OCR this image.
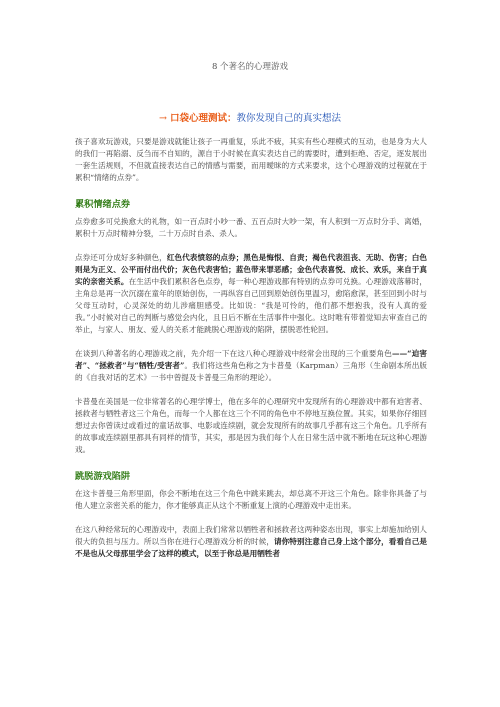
8 个著名的心理游戏

→ 口袋心理测试：教你发现自己的真实想法

孩子喜欢玩游戏，只要是游戏就能让孩子一再重复，乐此不疲，其实有些心理模式的互动，也是身为大人的我们一再陷溺、反刍而不自知的，源自于小时候在真实表达自己的需要时，遭到拒绝、否定，逐发展出一套生活规则，不但就直接表达自己的情感与需要，而用曖昧的方式来要求，这个心理游戏的过程就在于累积“情绪的点券”。

累积情绪点券

点券愈多可兑换愈大的礼物，如一百点时小吵一番、五百点时大吵一架，有人积到一万点时分手、离婚，累积十万点时精神分裂，二十万点时自杀、杀人。

点券还可分成好多种颜色，红色代表愤怒的点券；黑色是悔恨、自责；褐色代表沮丧、无助、伤害；白色则是为正义、公平而付出代价；灰色代表害怕；蓝色带来罪恶感；金色代表喜悦、成长、欢乐，来自于真实的亲密关系。在生活中我们累积各色点券，每一种心理游戏都有特别的点券可兑换。心理游戏落幕时，主角总是再一次沉溺在童年的原始创伤，一再纵容自己回到原始创伤里温习，愈陷愈深，甚至回到小时与父母互动时，心灵深处的幼儿涉痛胆感受。比如说：“我是可怜的，他们都不想抱我，没有人真的爱我。”小时候对自己的判断与感觉会内化，且日后不断在生活事件中强化。这时唯有带着觉知去审查自己的举止，与家人、朋友、爱人的关系才能跳脱心理游戏的陷阱，摆脱恶性轮回。

在谈到八种著名的心理游戏之前，先介绍一下在这八种心理游戏中经常会出现的三个重要角色——“迫害者”、“拯救者”与“牺牲/受害者”。我们将这些角色称之为卡普曼（Karpman）三角形（生命剧本所出版的《自我对话的艺术》一书中曾提及卡普曼三角形的理论）。

卡普曼在美国是一位非常著名的心理学博士，他在多年的心理研究中发现所有的心理游戏中都有迫害者、拯救者与牺牲者这三个角色，而每一个人都在这三个不同的角色中不停地互换位置。其实，如果你仔细回想过去你曾读过或看过的童话故事、电影或连续剧，就会发现所有的故事几乎都有这三个角色。几乎所有的故事或连续剧里都具有同样的情节，其实，那是因为我们每个人在日常生活中就不断地在玩这种心理游戏。

跳脱游戏陷阱

在这卡普曼三角形里面，你会不断地在这三个角色中跳来跳去，却总离不开这三个角色。除非你具备了与他人建立亲密关系的能力，你才能够真正从这个不断重复上演的心理游戏中走出来。

在这八种经常玩的心理游戏中，表面上我们常常以牺牲者和拯救者这两种姿态出现，事实上却施加给别人很大的负担与压力。所以当你在进行心理游戏分析的时候，请你特别注意自己身上这个部分，看看自己是不是也从父母那里学会了这样的模式，以至于你总是用牺牲者
